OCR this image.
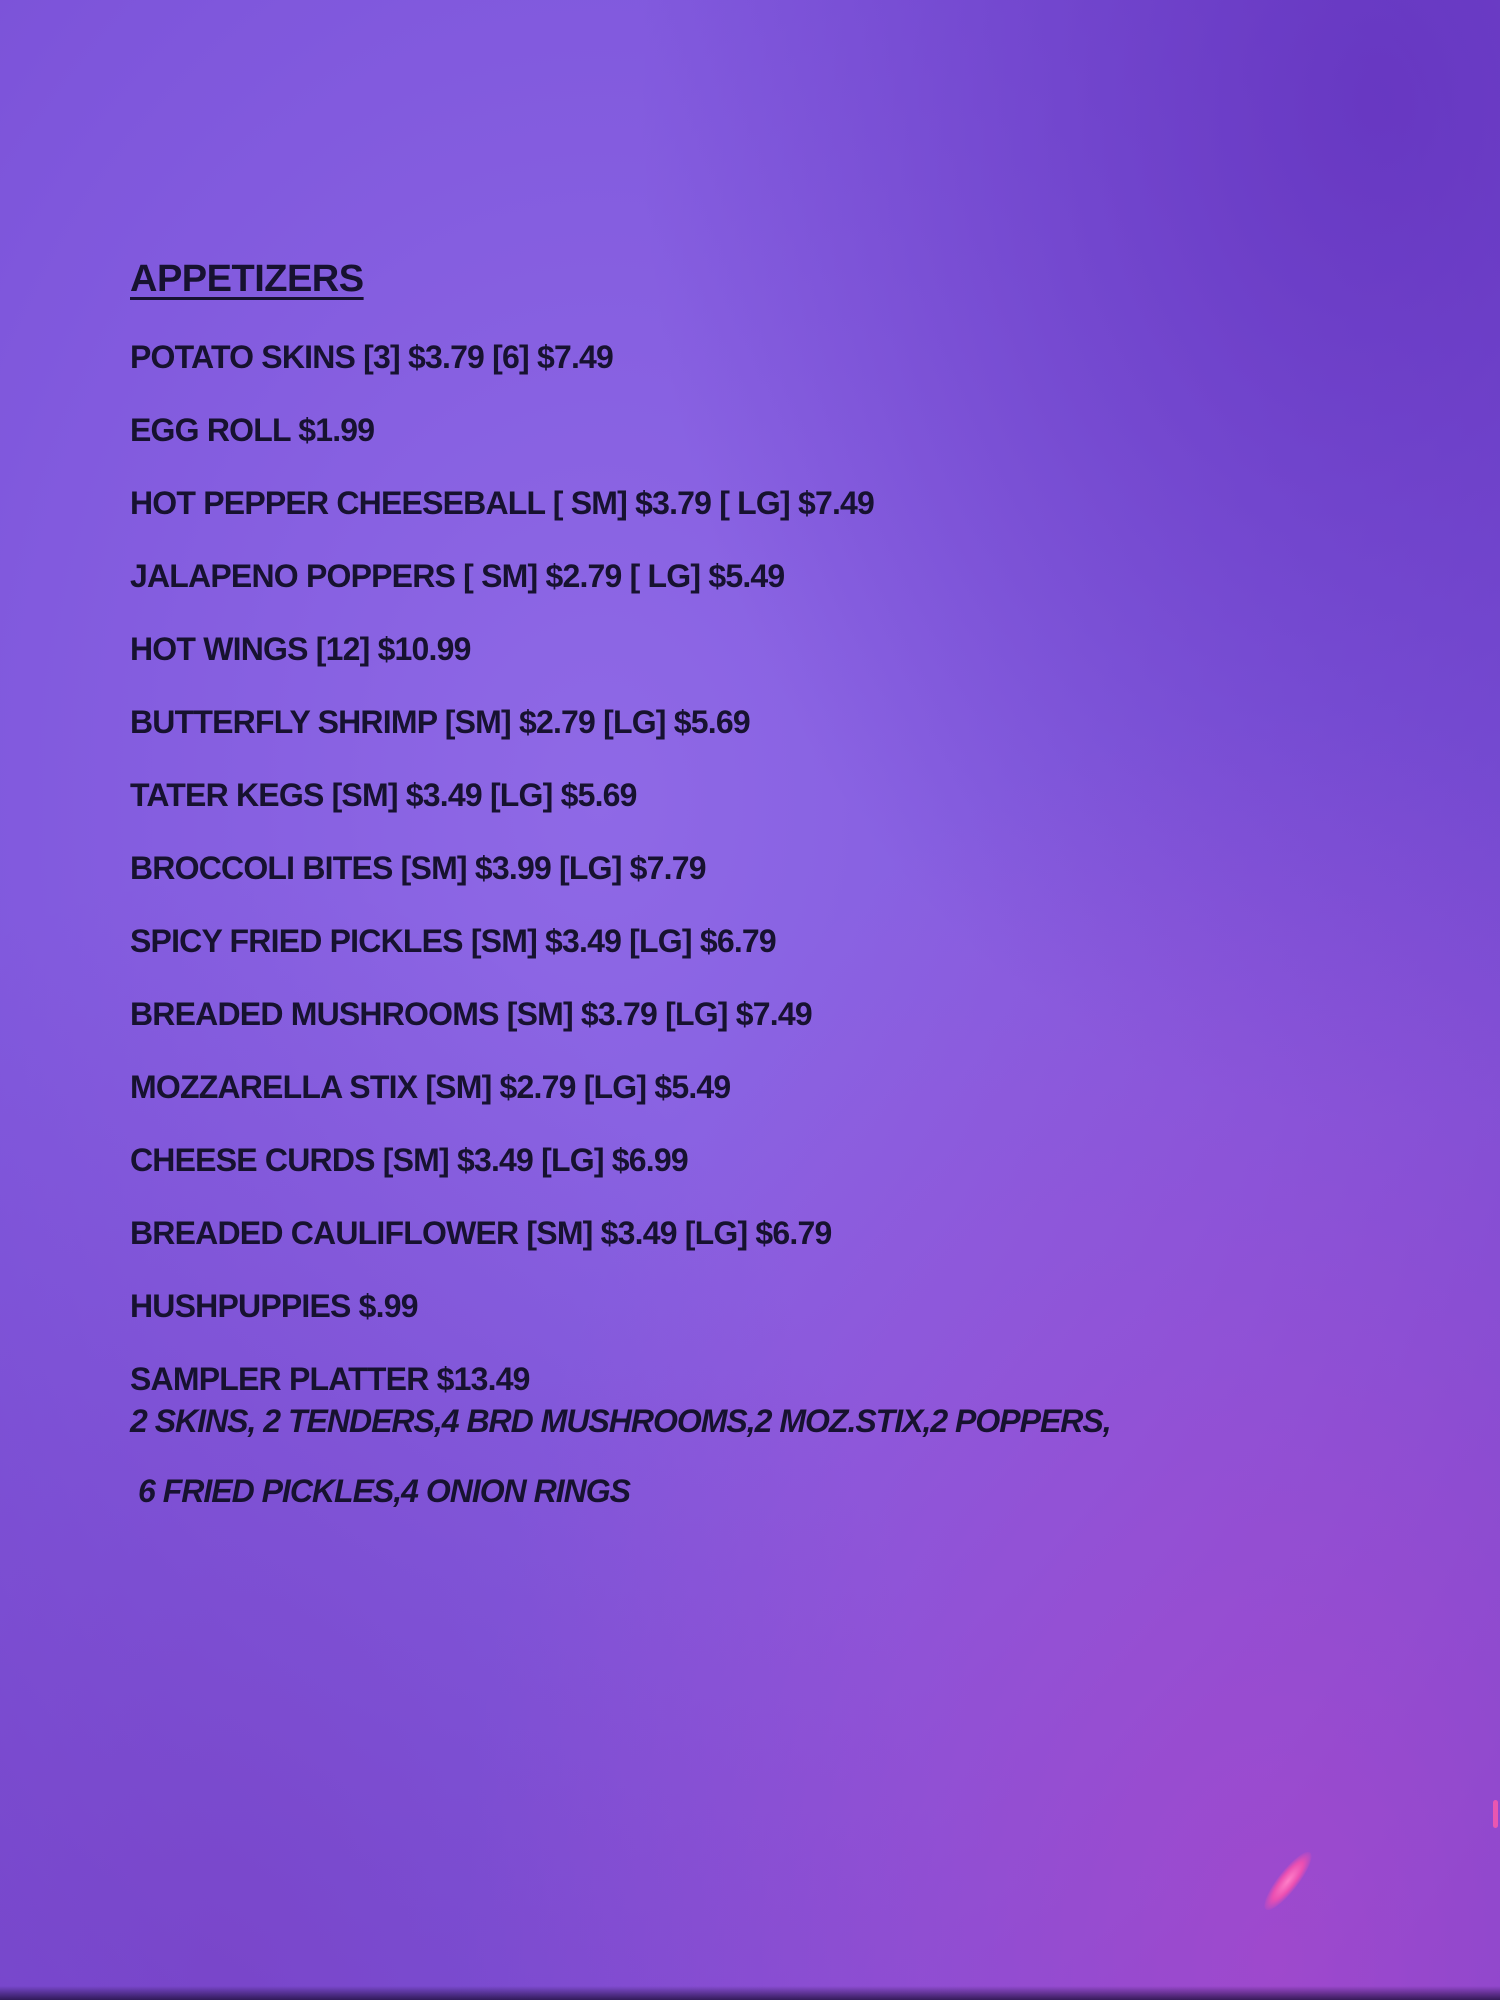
APPETIZERS
POTATO SKINS [3] $3.79 [6] $7.49
EGG ROLL $1.99
HOT PEPPER CHEESEBALL [ SM] $3.79 [ LG] $7.49
JALAPENO POPPERS [ SM] $2.79 [ LG] $5.49
HOT WINGS [12] $10.99
BUTTERFLY SHRIMP [SM] $2.79 [LG] $5.69
TATER KEGS [SM] $3.49 [LG] $5.69
BROCCOLI BITES [SM] $3.99 [LG] $7.79
SPICY FRIED PICKLES [SM] $3.49 [LG] $6.79
BREADED MUSHROOMS [SM] $3.79 [LG] $7.49
MOZZARELLA STIX [SM] $2.79 [LG] $5.49
CHEESE CURDS [SM] $3.49 [LG] $6.99
BREADED CAULIFLOWER [SM] $3.49 [LG] $6.79
HUSHPUPPIES $.99
SAMPLER PLATTER $13.49
2 SKINS, 2 TENDERS,4 BRD MUSHROOMS,2 MOZ.STIX,2 POPPERS,
6 FRIED PICKLES,4 ONION RINGS
